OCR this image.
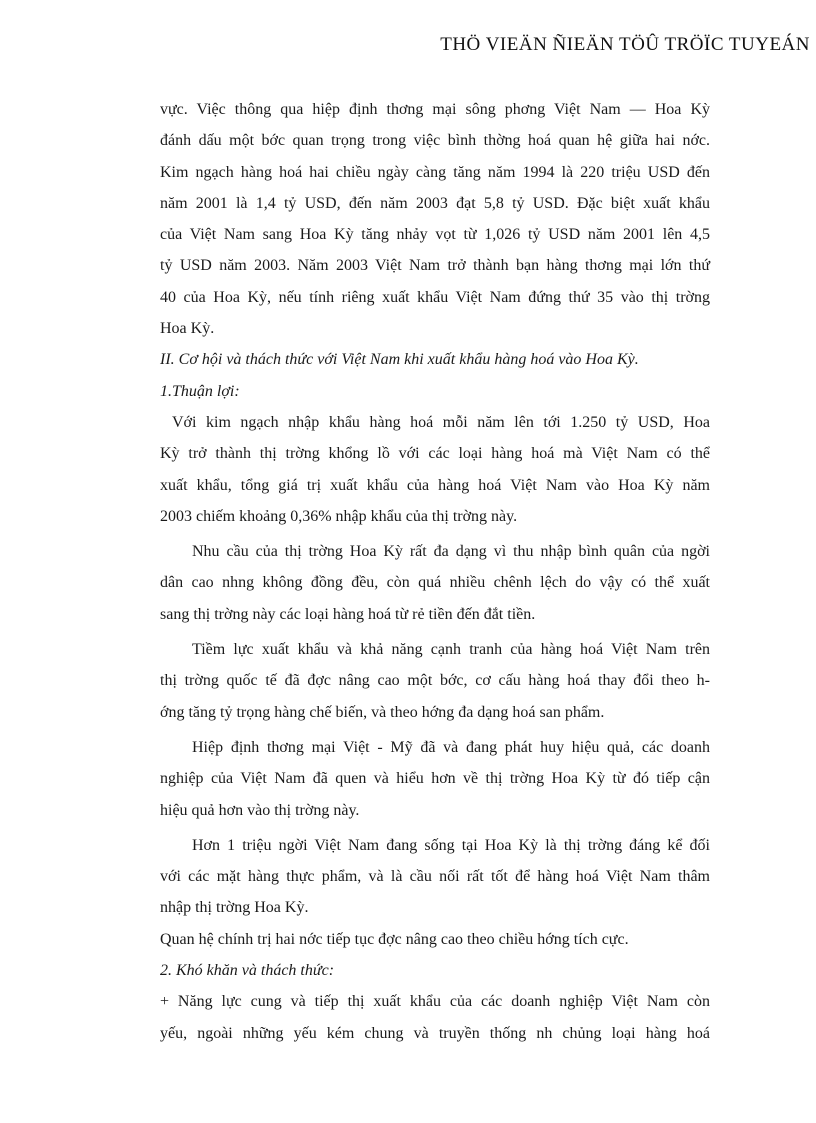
THÖ VIEÄN ÑIEÄN TÖÛ TRÖÏC TUYEÁN
vực. Việc thông qua hiệp định thơng mại sông phơng Việt Nam — Hoa Kỳ
đánh dấu một bớc quan trọng trong việc bình thờng hoá quan hệ giữa hai nớc.
Kim ngạch hàng hoá hai chiều ngày càng tăng năm 1994 là 220 triệu USD đến
năm 2001 là 1,4 tỷ USD, đến năm 2003 đạt 5,8 tỷ USD. Đặc biệt xuất khẩu
của Việt Nam sang Hoa Kỳ tăng nhảy vọt từ 1,026 tỷ USD năm 2001 lên 4,5
tỷ USD năm 2003. Năm 2003 Việt Nam trở thành bạn hàng thơng mại lớn thứ
40 của Hoa Kỳ, nếu tính riêng xuất khẩu Việt Nam đứng thứ 35 vào thị trờng
Hoa Kỳ.
II. Cơ hội và thách thức với Việt Nam khi xuất khẩu hàng hoá vào Hoa Kỳ.
1.Thuận lợi:
Với kim ngạch nhập khẩu hàng hoá mỗi năm lên tới 1.250 tỷ USD, Hoa
Kỳ trở thành thị trờng khổng lồ với các loại hàng hoá mà Việt Nam có thể
xuất khẩu, tổng giá trị xuất khẩu của hàng hoá Việt Nam vào Hoa Kỳ năm
2003 chiếm khoảng 0,36% nhập khẩu của thị trờng này.
Nhu cầu của thị trờng Hoa Kỳ rất đa dạng vì thu nhập bình quân của ngời
dân cao nhng không đồng đều, còn quá nhiều chênh lệch do vậy có thể xuất
sang thị trờng này các loại hàng hoá từ rẻ tiền đến đắt tiền.
Tiềm lực xuất khẩu và khả năng cạnh tranh của hàng hoá Việt Nam trên
thị trờng quốc tế đã đợc nâng cao một bớc, cơ cấu hàng hoá thay đổi theo h-
ớng tăng tỷ trọng hàng chế biến, và theo hớng đa dạng hoá san phẩm.
Hiệp định thơng mại Việt - Mỹ đã và đang phát huy hiệu quả, các doanh
nghiệp của Việt Nam đã quen và hiểu hơn về thị trờng Hoa Kỳ từ đó tiếp cận
hiệu quả hơn vào thị trờng này.
Hơn 1 triệu ngời Việt Nam đang sống tại Hoa Kỳ là thị trờng đáng kể đối
với các mặt hàng thực phẩm, và là cầu nối rất tốt để hàng hoá Việt Nam thâm
nhập thị trờng Hoa Kỳ.
Quan hệ chính trị hai nớc tiếp tục đợc nâng cao theo chiều hớng tích cực.
2. Khó khăn và thách thức:
+ Năng lực cung và tiếp thị xuất khẩu của các doanh nghiệp Việt Nam còn
yếu, ngoài những yếu kém chung và truyền thống nh chủng loại hàng hoá
